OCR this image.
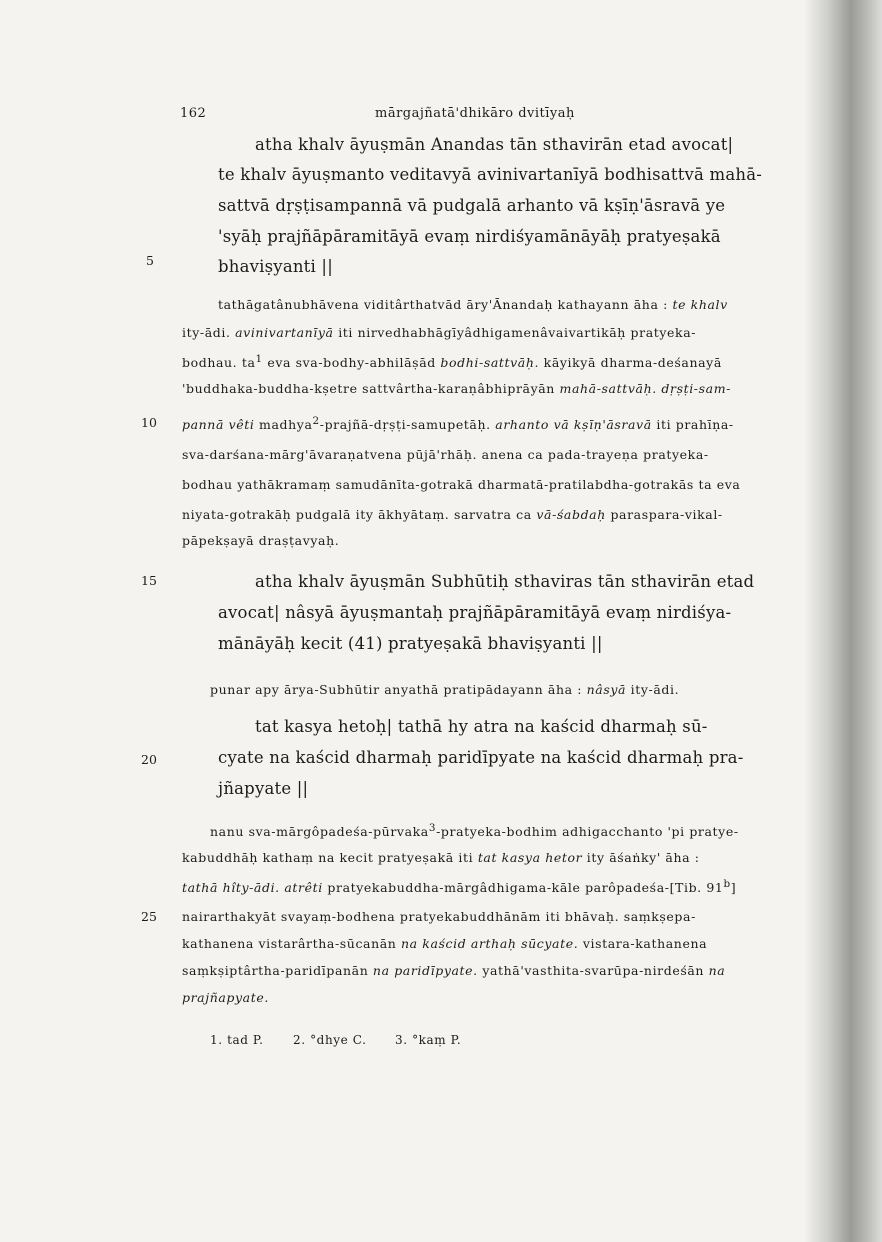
162	mārgajñatā'dhikāro dvitīyaḥ
5
10
15
20
25
atha khalv āyuṣmān Anandas tān sthavirān etad avocat|
te khalv āyuṣmanto veditavyā avinivartanīyā bodhisattvā mahā-
sattvā dṛṣṭisampannā vā pudgalā arhanto vā kṣīṇ'āsravā ye
'syāḥ prajñāpāramitāyā evaṃ nirdiśyamānāyāḥ pratyeṣakā
bhaviṣyanti ||
tathāgatânubhāvena viditârthatvād āry'Ānandaḥ kathayann āha : te khalv
ity-ādi. avinivartanīyā iti nirvedhabhāgīyâdhigamenâvaivartikāḥ pratyeka-
bodhau. $ta^1$ eva sva-bodhy-abhilāṣād bodhi-sattvāḥ. kāyikyā dharma-deśanayā
'buddhaka-buddha-kṣetre sattvârtha-karaṇâbhiprāyān mahā-sattvāḥ. dṛṣṭi-sam-
pannā vêti madhya$^2$-prajñā-dṛṣṭi-samupetāḥ. arhanto vā kṣīṇ'āsravā iti prahīṇa-
sva-darśana-mārg'āvaraṇatvena pūjā'rhāḥ. anena ca pada-trayeṇa pratyeka-
bodhau yathākramaṃ samudānīta-gotrakā dharmatā-pratilabdha-gotrakās ta eva
niyata-gotrakāḥ pudgalā ity ākhyātaṃ. sarvatra ca vā-śabdaḥ paraspara-vikal-
pāpekṣayā draṣṭavyaḥ.
atha khalv āyuṣmān Subhūtiḥ sthaviras tān sthavirān etad
avocat| nâsyā āyuṣmantaḥ prajñāpāramitāyā evaṃ nirdiśya-
mānāyāḥ kecit (41) pratyeṣakā bhaviṣyanti ||
punar apy ārya-Subhūtir anyathā pratipādayann āha : nâsyā ity-ādi.
tat kasya hetoḥ| tathā hy atra na kaścid dharmaḥ sū-
cyate na kaścid dharmaḥ paridīpyate na kaścid dharmaḥ pra-
jñapyate ||
nanu sva-mārgôpadeśa-pūrvaka$^3$-pratyeka-bodhim adhigacchanto 'pi pratye-
kabuddhāḥ kathaṃ na kecit pratyeṣakā iti tat kasya hetor ity āśaṅky' āha :
tathā hîty-ādi. atrêti pratyekabuddha-mārgâdhigama-kāle parôpadeśa-[Tib. 91$^b$]
nairarthakyāt svayaṃ-bodhena pratyekabuddhānām iti bhāvaḥ. saṃkṣepa-
kathanena vistarârtha-sūcanān na kaścid arthaḥ sūcyate. vistara-kathanena
saṃkṣiptârtha-paridīpanān na paridīpyate. yathā'vasthita-svarūpa-nirdeśān na
prajñapyate.
1. tad P. 2. °dhye C. 3. °kaṃ P.
